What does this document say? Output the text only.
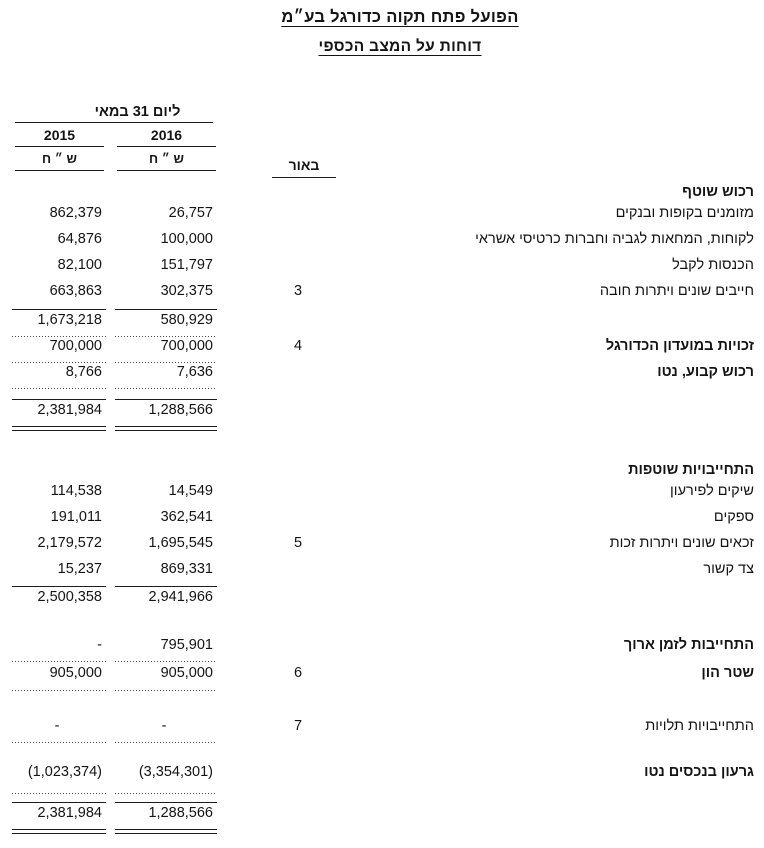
הפועל פתח תקוה כדורגל בע״מ
דוחות על המצב הכספי
ליום 31 במאי
2015	2016
ש ״ ח	ש ״ ח	באור
רכוש שוטף
862,379	26,757	מזומנים בקופות ובנקים
64,876	100,000	לקוחות, המחאות לגביה וחברות כרטיסי אשראי
82,100	151,797	הכנסות לקבל
663,863	302,375	3	חייבים שונים ויתרות חובה
1,673,218	580,929
700,000	700,000	4	זכויות במועדון הכדורגל
8,766	7,636	רכוש קבוע, נטו
2,381,984	1,288,566
התחייבויות שוטפות
114,538	14,549	שיקים לפירעון
191,011	362,541	ספקים
2,179,572	1,695,545	5	זכאים שונים ויתרות זכות
15,237	869,331	צד קשור
2,500,358	2,941,966
-	795,901	התחייבות לזמן ארוך
905,000	905,000	6	שטר הון
-	-	7	התחייבויות תלויות
(1,023,374)	(3,354,301)	גרעון בנכסים נטו
2,381,984	1,288,566
